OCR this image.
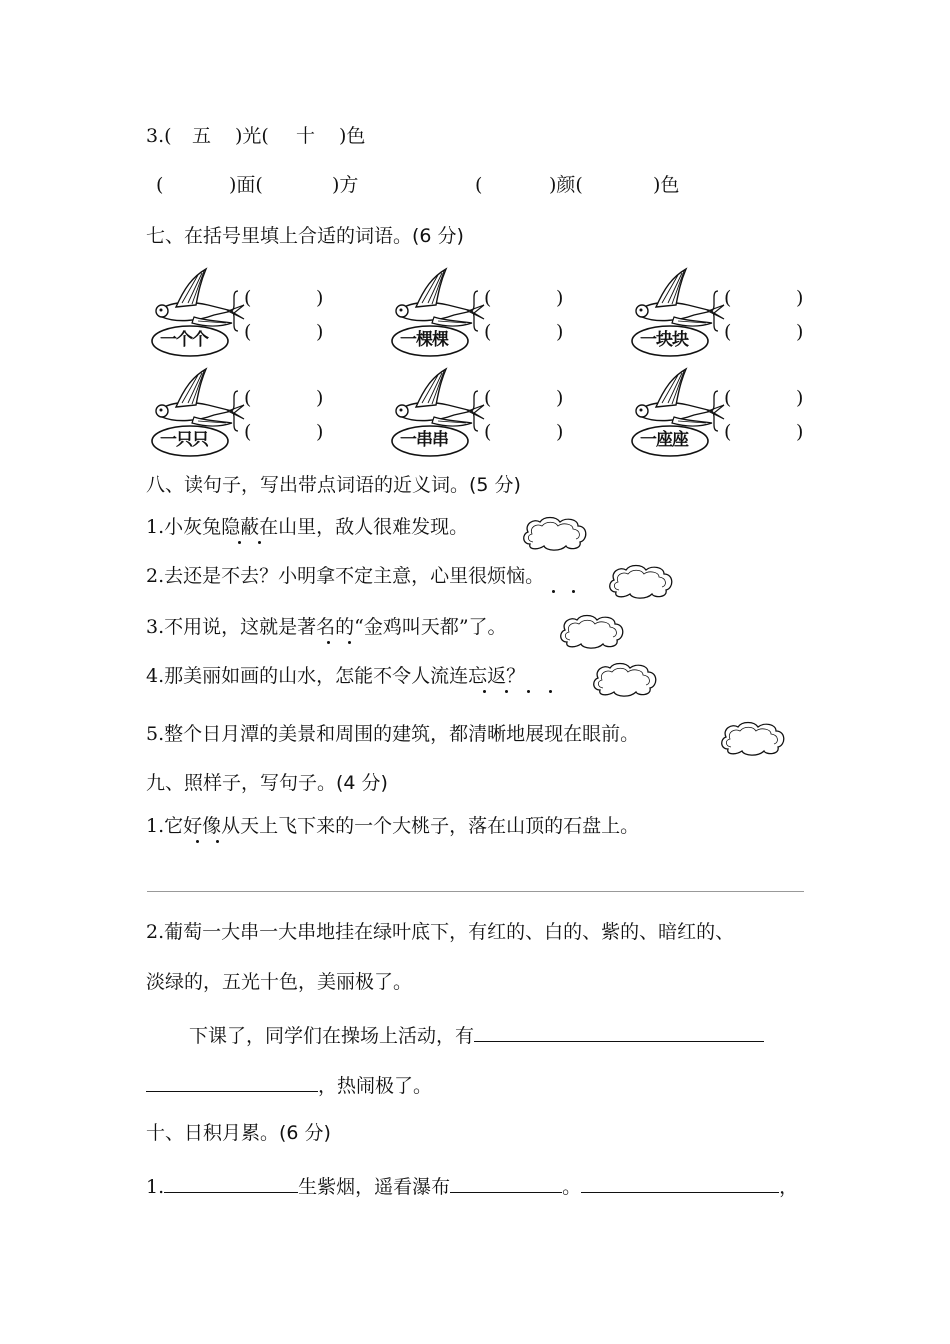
3.( 五 )光( 十 )色
(	)面(	)方	(	)颜(	)色
七、在括号里填上合适的词语。(6 分)
一个个
(	)
(	)	一棵棵
(	)
(	)	一块块
(	)
(	)
一只只
(	)
(	)	一串串
(	)
(	)	一座座
(	)
(	)
八、读句子，写出带点词语的近义词。(5 分)
1.小灰兔隐蔽在山里，敌人很难发现。
2.去还是不去？小明拿不定主意，心里很烦恼。
3.不用说，这就是著名的“金鸡叫天都”了。
4.那美丽如画的山水，怎能不令人流连忘返？
5.整个日月潭的美景和周围的建筑，都清晰地展现在眼前。
九、照样子，写句子。(4 分)
1.它好像从天上飞下来的一个大桃子，落在山顶的石盘上。
2.葡萄一大串一大串地挂在绿叶底下，有红的、白的、紫的、暗红的、
淡绿的，五光十色，美丽极了。
下课了，同学们在操场上活动，有
，热闹极了。
十、日积月累。(6 分)
1.	生紫烟，遥看瀑布	。	，
